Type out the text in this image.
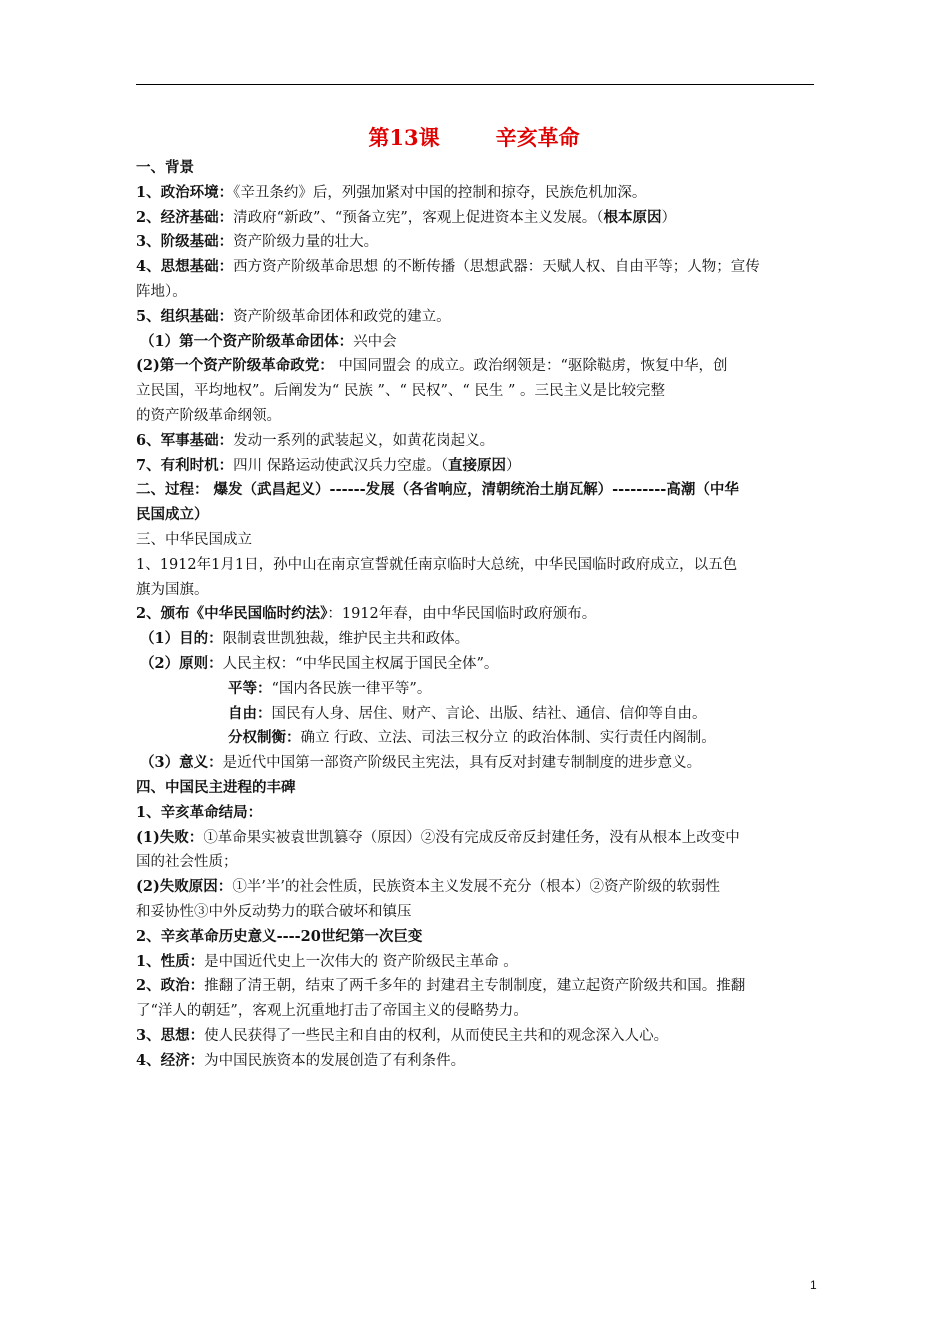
第13课	辛亥革命
一、背景
1、政治环境：《辛丑条约》后，列强加紧对中国的控制和掠夺，民族危机加深。
2、经济基础：清政府“新政”、“预备立宪”，客观上促进资本主义发展。（根本原因）
3、阶级基础：资产阶级力量的壮大。
4、思想基础：西方资产阶级革命思想 的不断传播（思想武器：天赋人权、自由平等；人物；宣传
阵地）。
5、组织基础：资产阶级革命团体和政党的建立。
（1）第一个资产阶级革命团体：兴中会
(2)第一个资产阶级革命政党： 中国同盟会 的成立。政治纲领是：“驱除鞑虏，恢复中华，创
立民国，平均地权”。后阐发为“ 民族 ”、“ 民权”、“ 民生 ” 。三民主义是比较完整
的资产阶级革命纲领。
6、军事基础：发动一系列的武装起义，如黄花岗起义。
7、有利时机：四川 保路运动使武汉兵力空虚。（直接原因）
二、过程： 爆发（武昌起义）------发展（各省响应，清朝统治土崩瓦解）---------高潮（中华
民国成立）
三、中华民国成立
1、1912年1月1日，孙中山在南京宣誓就任南京临时大总统，中华民国临时政府成立，以五色
旗为国旗。
2、颁布《中华民国临时约法》：1912年春，由中华民国临时政府颁布。
（1）目的：限制袁世凯独裁，维护民主共和政体。
（2）原则：人民主权：“中华民国主权属于国民全体”。
平等：“国内各民族一律平等”。
自由：国民有人身、居住、财产、言论、出版、结社、通信、信仰等自由。
分权制衡：确立 行政、立法、司法三权分立 的政治体制、实行责任内阁制。
（3）意义：是近代中国第一部资产阶级民主宪法，具有反对封建专制制度的进步意义。
四、中国民主进程的丰碑
1、辛亥革命结局：
(1)失败：①革命果实被袁世凯篡夺（原因）②没有完成反帝反封建任务，没有从根本上改变中
国的社会性质；
(2)失败原因：①半’半’的社会性质，民族资本主义发展不充分（根本）②资产阶级的软弱性
和妥协性③中外反动势力的联合破坏和镇压
2、辛亥革命历史意义----20世纪第一次巨变
1、性质：是中国近代史上一次伟大的 资产阶级民主革命 。
2、政治：推翻了清王朝，结束了两千多年的 封建君主专制制度，建立起资产阶级共和国。推翻
了“洋人的朝廷”，客观上沉重地打击了帝国主义的侵略势力。
3、思想：使人民获得了一些民主和自由的权利，从而使民主共和的观念深入人心。
4、经济：为中国民族资本的发展创造了有利条件。
1
